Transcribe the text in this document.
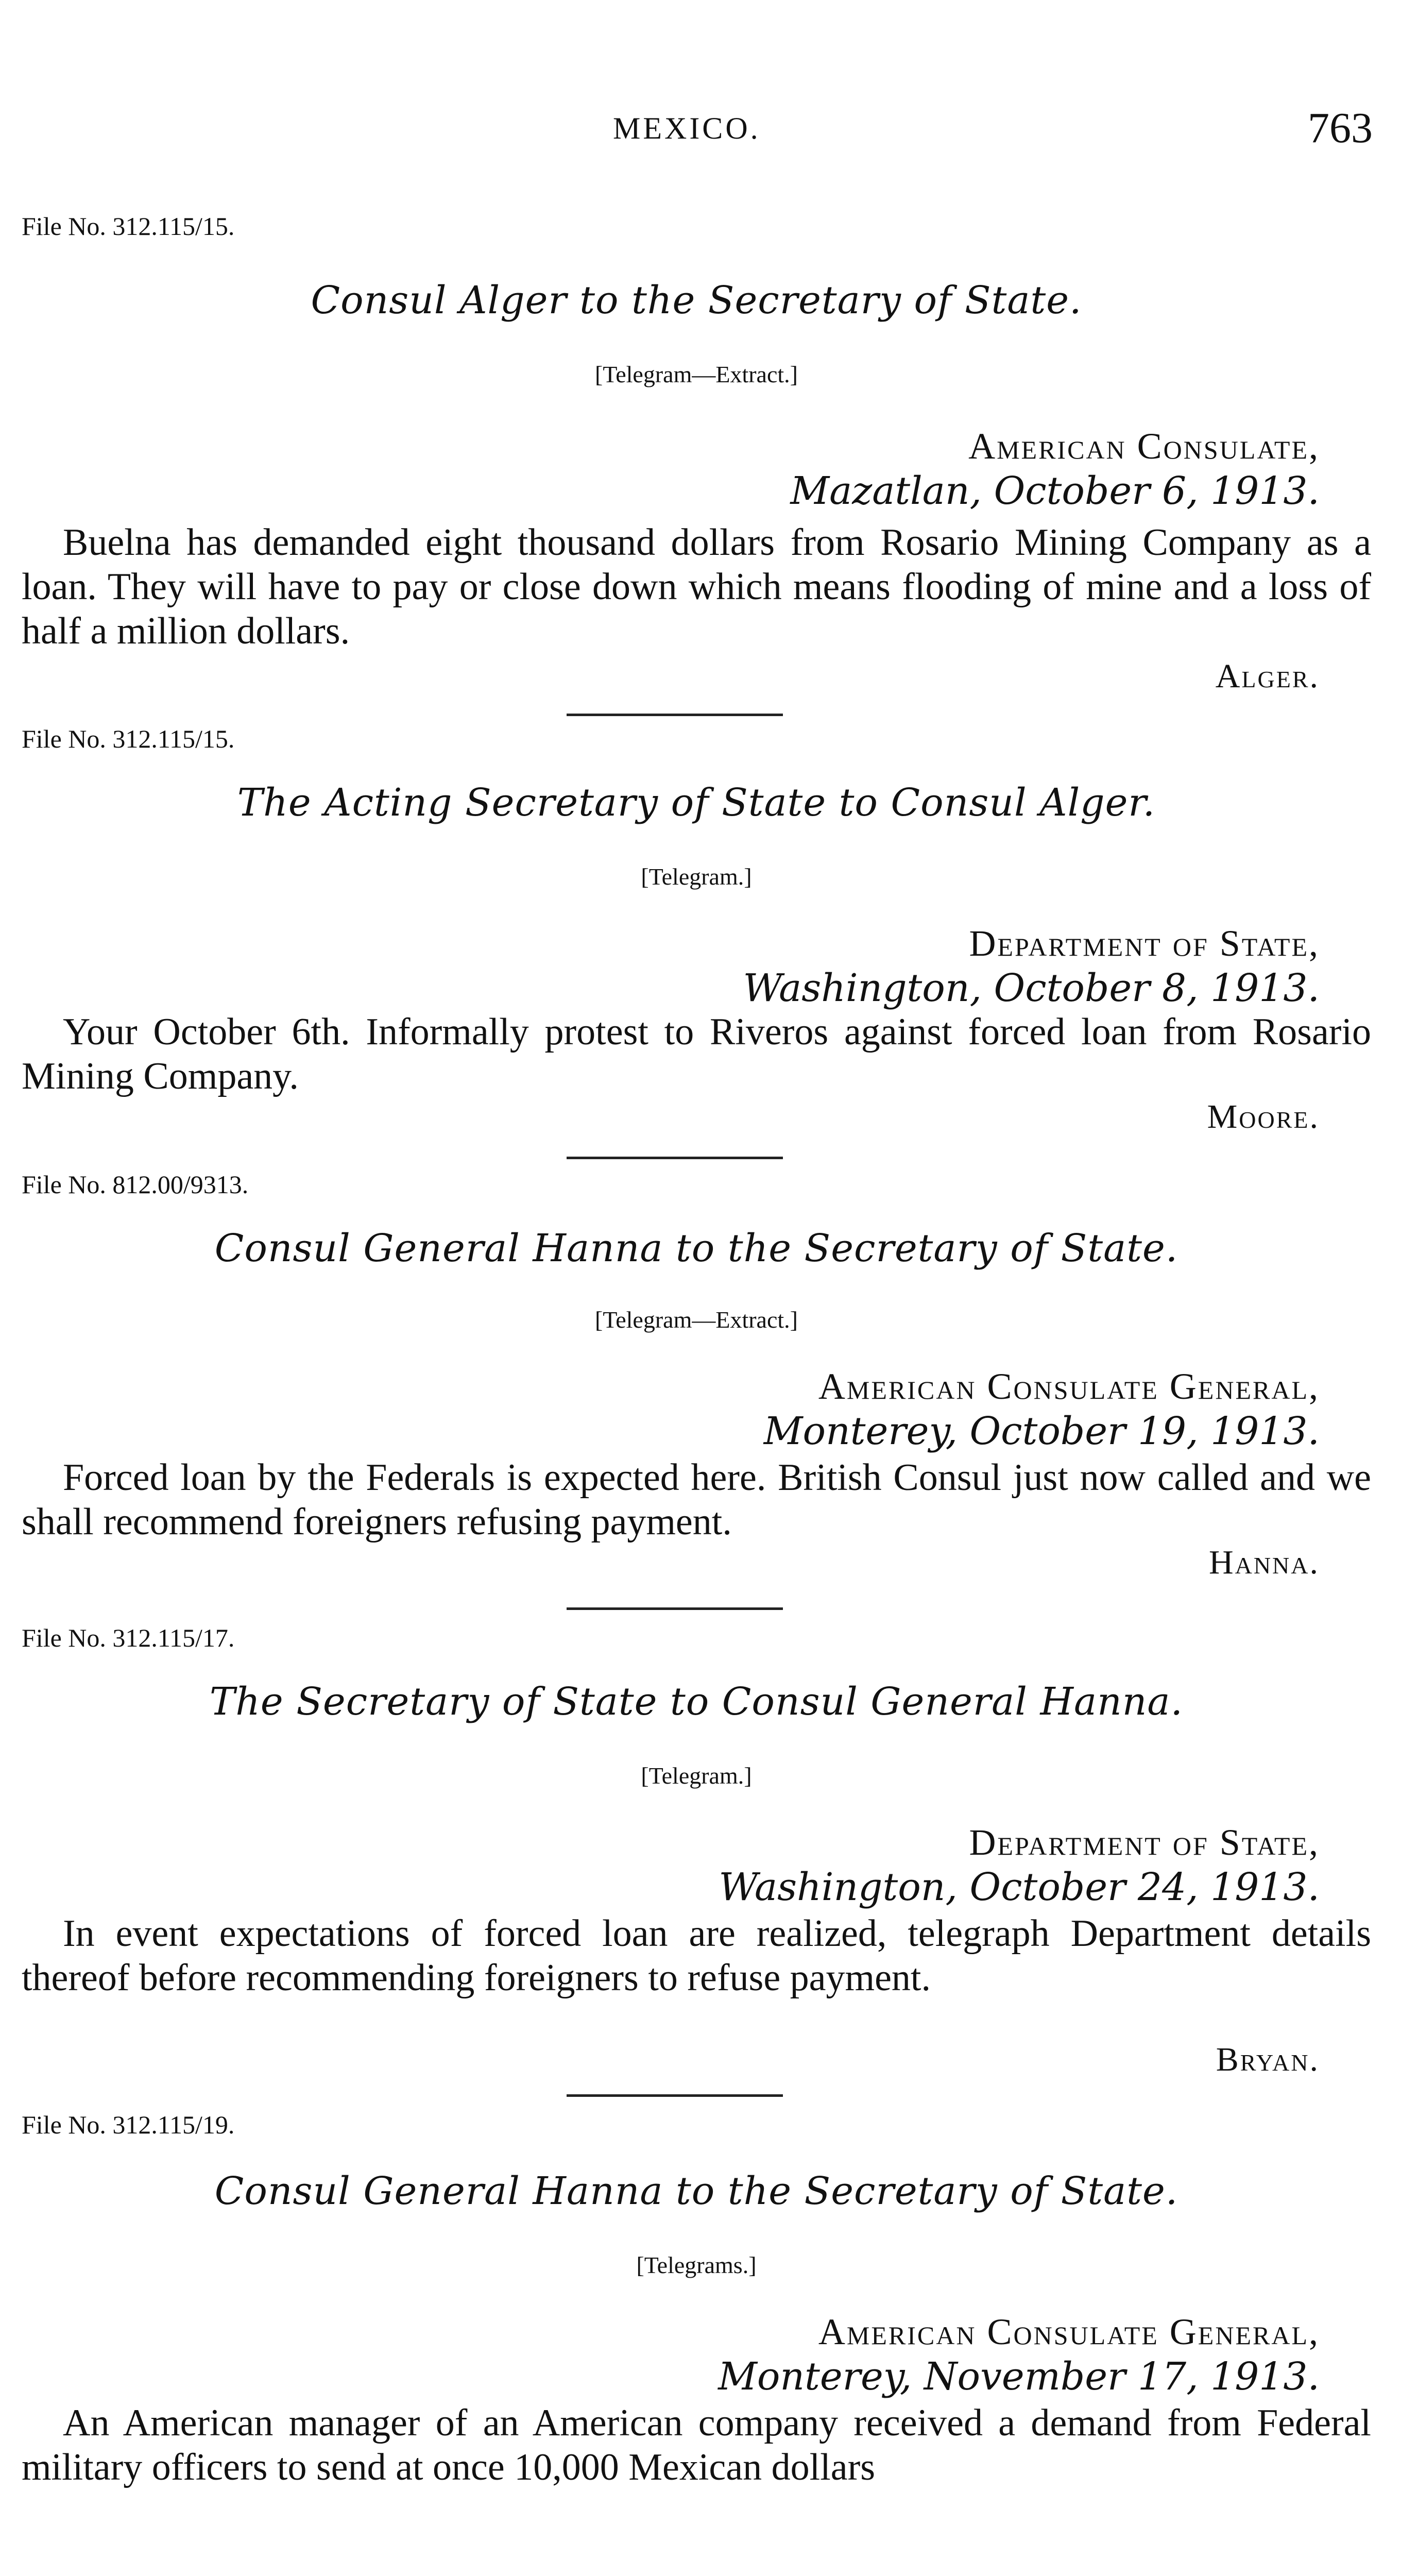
MEXICO.	763
File No. 312.115/15.
Consul Alger to the Secretary of State.
[Telegram—Extract.]
American Consulate,
Mazatlan, October 6, 1913.
Buelna has demanded eight thousand dollars from Rosario Mining Company as a loan. They will have to pay or close down which means flooding of mine and a loss of half a million dollars.
Alger.
File No. 312.115/15.
The Acting Secretary of State to Consul Alger.
[Telegram.]
Department of State,
Washington, October 8, 1913.
Your October 6th. Informally protest to Riveros against forced loan from Rosario Mining Company.
Moore.
File No. 812.00/9313.
Consul General Hanna to the Secretary of State.
[Telegram—Extract.]
American Consulate General,
Monterey, October 19, 1913.
Forced loan by the Federals is expected here. British Consul just now called and we shall recommend foreigners refusing payment.
Hanna.
File No. 312.115/17.
The Secretary of State to Consul General Hanna.
[Telegram.]
Department of State,
Washington, October 24, 1913.
In event expectations of forced loan are realized, telegraph Department details thereof before recommending foreigners to refuse payment.
Bryan.
File No. 312.115/19.
Consul General Hanna to the Secretary of State.
[Telegrams.]
American Consulate General,
Monterey, November 17, 1913.
An American manager of an American company received a demand from Federal military officers to send at once 10,000 Mexican dollars
